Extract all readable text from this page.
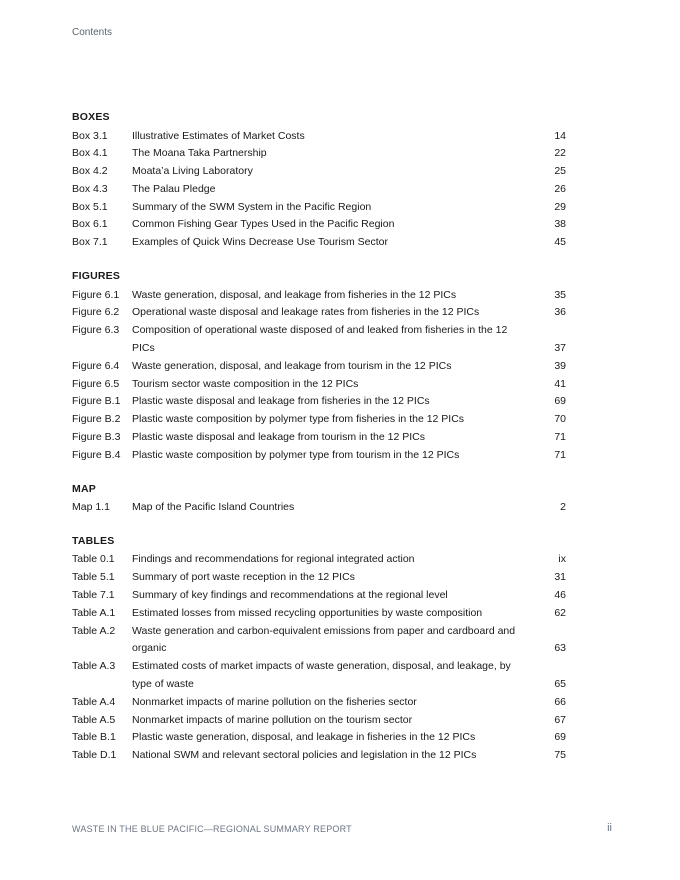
Contents
BOXES
Box 3.1	Illustrative Estimates of Market Costs	14
Box 4.1	The Moana Taka Partnership	22
Box 4.2	Moata’a Living Laboratory	25
Box 4.3	The Palau Pledge	26
Box 5.1	Summary of the SWM System in the Pacific Region	29
Box 6.1	Common Fishing Gear Types Used in the Pacific Region	38
Box 7.1	Examples of Quick Wins Decrease Use Tourism Sector	45
FIGURES
Figure 6.1	Waste generation, disposal, and leakage from fisheries in the 12 PICs	35
Figure 6.2	Operational waste disposal and leakage rates from fisheries in the 12 PICs	36
Figure 6.3	Composition of operational waste disposed of and leaked from fisheries in the 12 PICs	37
Figure 6.4	Waste generation, disposal, and leakage from tourism in the 12 PICs	39
Figure 6.5	Tourism sector waste composition in the 12 PICs	41
Figure B.1	Plastic waste disposal and leakage from fisheries in the 12 PICs	69
Figure B.2	Plastic waste composition by polymer type from fisheries in the 12 PICs	70
Figure B.3	Plastic waste disposal and leakage from tourism in the 12 PICs	71
Figure B.4	Plastic waste composition by polymer type from tourism in the 12 PICs	71
MAP
Map 1.1	Map of the Pacific Island Countries	2
TABLES
Table 0.1	Findings and recommendations for regional integrated action	ix
Table 5.1	Summary of port waste reception in the 12 PICs	31
Table 7.1	Summary of key findings and recommendations at the regional level	46
Table A.1	Estimated losses from missed recycling opportunities by waste composition	62
Table A.2	Waste generation and carbon-equivalent emissions from paper and cardboard and organic	63
Table A.3	Estimated costs of market impacts of waste generation, disposal, and leakage, by type of waste	65
Table A.4	Nonmarket impacts of marine pollution on the fisheries sector	66
Table A.5	Nonmarket impacts of marine pollution on the tourism sector	67
Table B.1	Plastic waste generation, disposal, and leakage in fisheries in the 12 PICs	69
Table D.1	National SWM and relevant sectoral policies and legislation in the 12 PICs	75
WASTE IN THE BLUE PACIFIC—REGIONAL SUMMARY REPORT	ii
